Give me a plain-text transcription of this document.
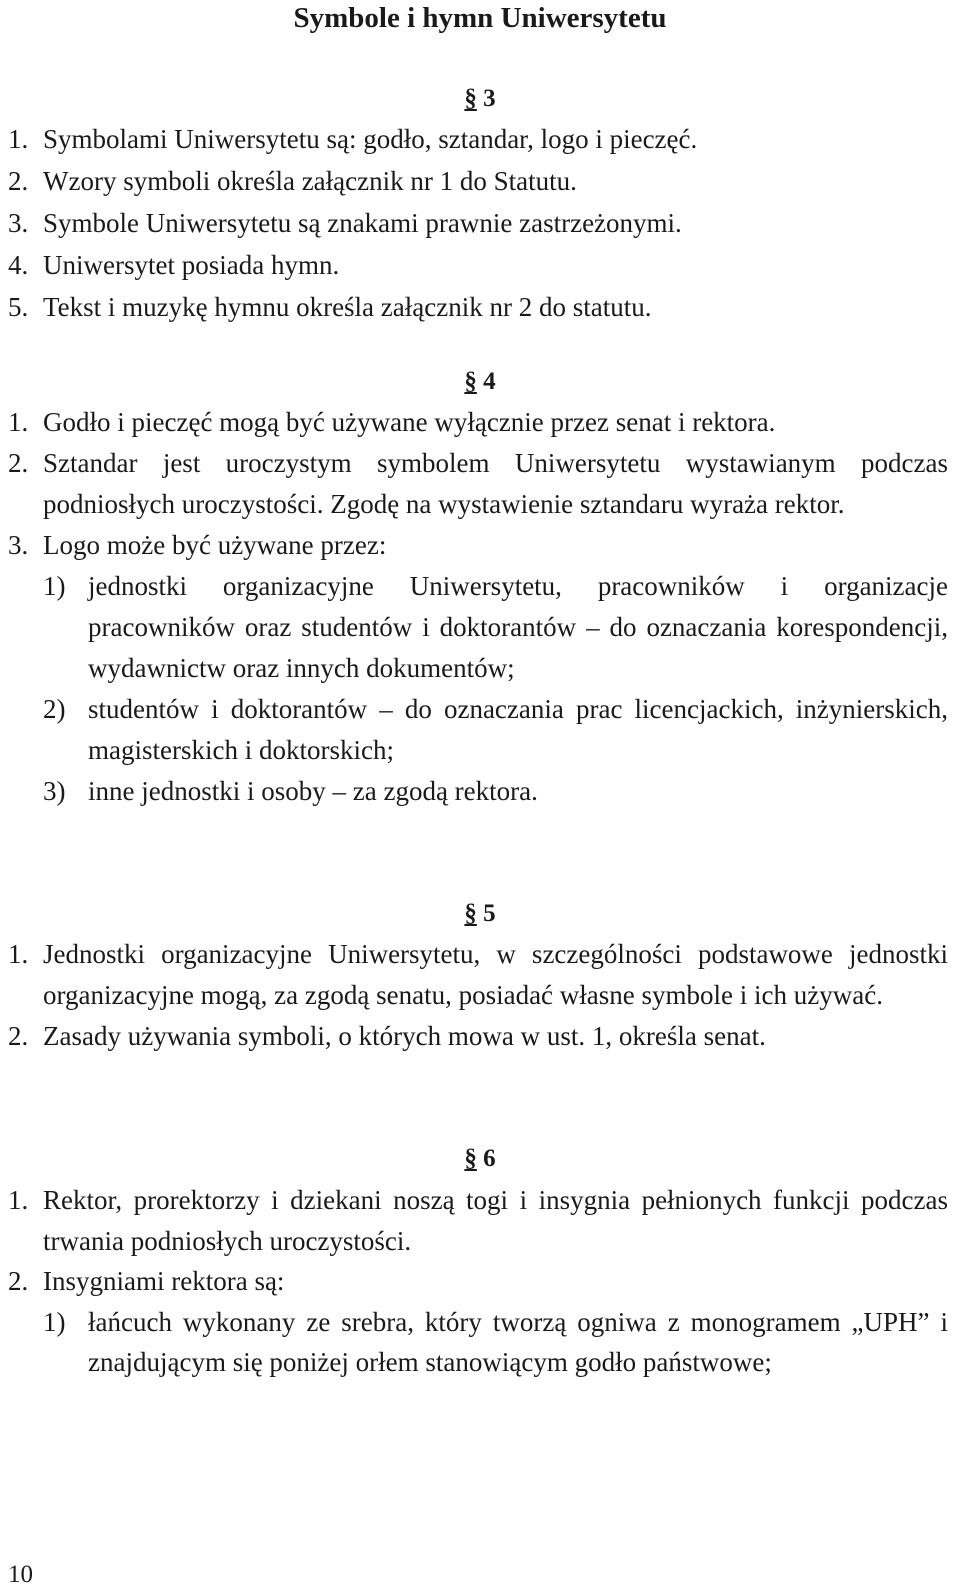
Symbole i hymn Uniwersytetu
§ 3
1. Symbolami Uniwersytetu są: godło, sztandar, logo i pieczęć.
2. Wzory symboli określa załącznik nr 1 do Statutu.
3. Symbole Uniwersytetu są znakami prawnie zastrzeżonymi.
4. Uniwersytet posiada hymn.
5. Tekst i muzykę hymnu określa załącznik nr 2 do statutu.
§ 4
1. Godło i pieczęć mogą być używane wyłącznie przez senat i rektora.
2. Sztandar jest uroczystym symbolem Uniwersytetu wystawianym podczas podniosłych uroczystości. Zgodę na wystawienie sztandaru wyraża rektor.
3. Logo może być używane przez:
1) jednostki organizacyjne Uniwersytetu, pracowników i organizacje pracowników oraz studentów i doktorantów – do oznaczania korespondencji, wydawnictw oraz innych dokumentów;
2) studentów i doktorantów – do oznaczania prac licencjackich, inżynierskich, magisterskich i doktorskich;
3) inne jednostki i osoby – za zgodą rektora.
§ 5
1. Jednostki organizacyjne Uniwersytetu, w szczególności podstawowe jednostki organizacyjne mogą, za zgodą senatu, posiadać własne symbole i ich używać.
2. Zasady używania symboli, o których mowa w ust. 1, określa senat.
§ 6
1. Rektor, prorektorzy i dziekani noszą togi i insygnia pełnionych funkcji podczas trwania podniosłych uroczystości.
2. Insygniami rektora są:
1) łańcuch wykonany ze srebra, który tworzą ogniwa z monogramem „UPH” i znajdującym się poniżej orłem stanowiącym godło państwowe;
10
